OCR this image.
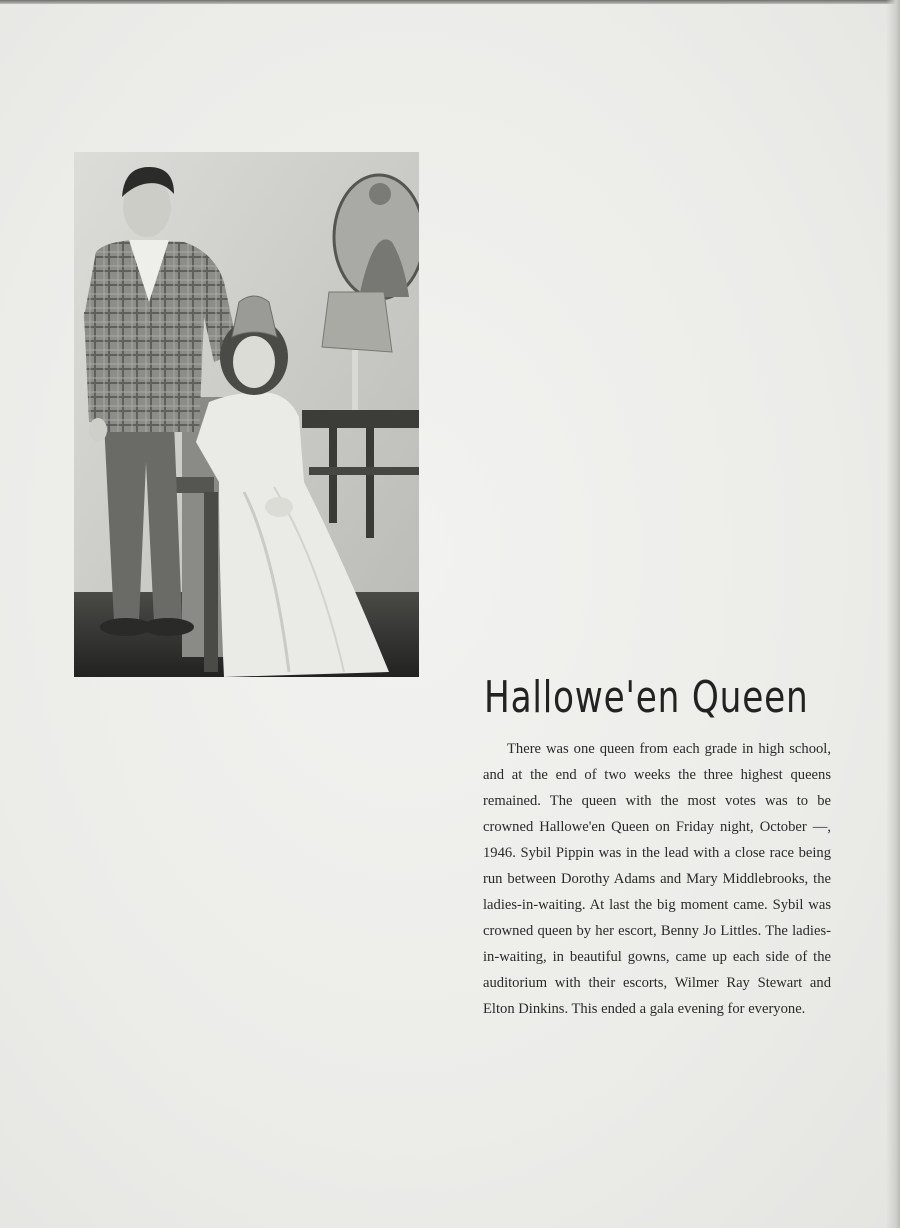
Hallowe'en Queen

There was one queen from each grade in high school, and at the end of two weeks the three highest queens remained. The queen with the most votes was to be crowned Hallowe'en Queen on Friday night, October —, 1946. Sybil Pippin was in the lead with a close race being run between Dorothy Adams and Mary Middlebrooks, the ladies-in-waiting. At last the big moment came. Sybil was crowned queen by her escort, Benny Jo Littles. The ladies-in-waiting, in beautiful gowns, came up each side of the auditorium with their escorts, Wilmer Ray Stewart and Elton Dinkins. This ended a gala evening for everyone.
